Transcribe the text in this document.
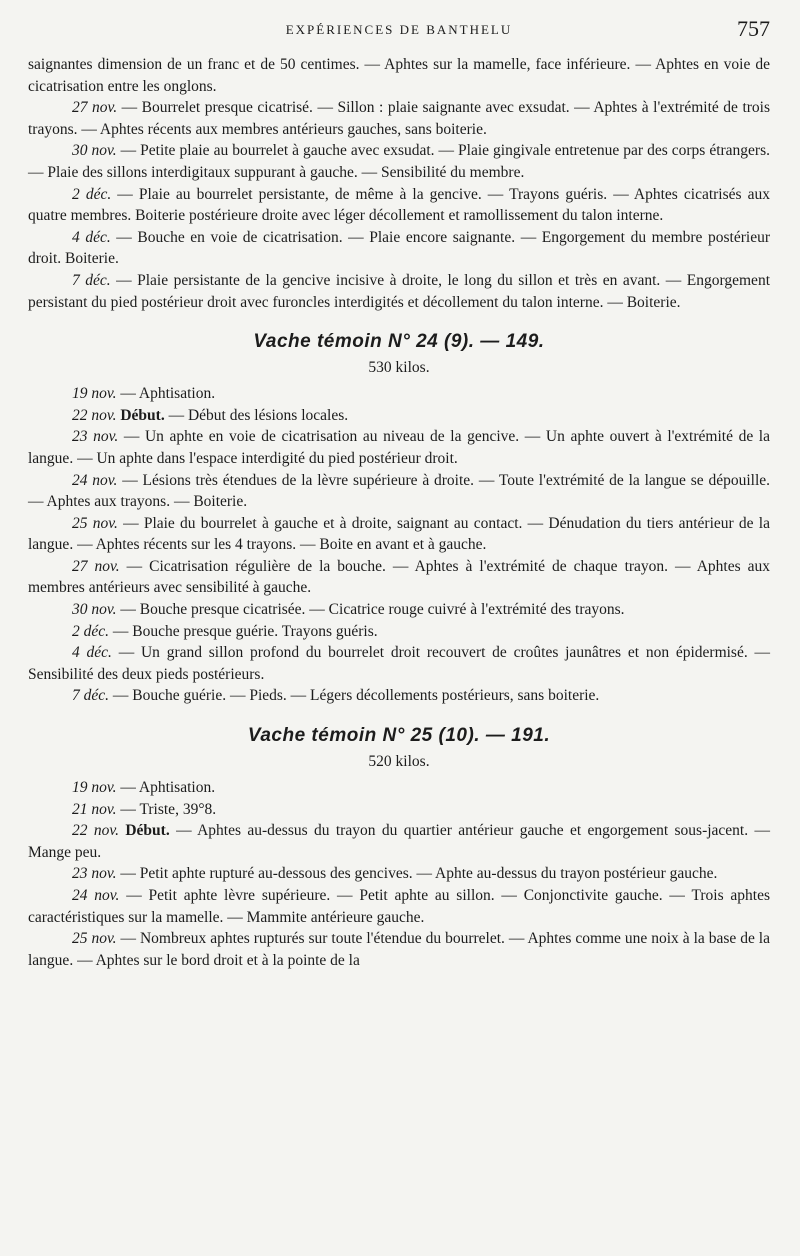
EXPÉRIENCES DE BANTHELU	757

saignantes dimension de un franc et de 50 centimes. — Aphtes sur la mamelle, face inférieure. — Aphtes en voie de cicatrisation entre les onglons.

27 nov. — Bourrelet presque cicatrisé. — Sillon : plaie saignante avec exsudat. — Aphtes à l'extrémité de trois trayons. — Aphtes récents aux membres antérieurs gauches, sans boiterie.

30 nov. — Petite plaie au bourrelet à gauche avec exsudat. — Plaie gingivale entretenue par des corps étrangers. — Plaie des sillons interdigitaux suppurant à gauche. — Sensibilité du membre.

2 déc. — Plaie au bourrelet persistante, de même à la gencive. — Trayons guéris. — Aphtes cicatrisés aux quatre membres. Boiterie postérieure droite avec léger décollement et ramollissement du talon interne.

4 déc. — Bouche en voie de cicatrisation. — Plaie encore saignante. — Engorgement du membre postérieur droit. Boiterie.

7 déc. — Plaie persistante de la gencive incisive à droite, le long du sillon et très en avant. — Engorgement persistant du pied postérieur droit avec furoncles interdigités et décollement du talon interne. — Boiterie.

Vache témoin N° 24 (9). — 149.
530 kilos.

19 nov. — Aphtisation.

22 nov. Début. — Début des lésions locales.

23 nov. — Un aphte en voie de cicatrisation au niveau de la gencive. — Un aphte ouvert à l'extrémité de la langue. — Un aphte dans l'espace interdigité du pied postérieur droit.

24 nov. — Lésions très étendues de la lèvre supérieure à droite. — Toute l'extrémité de la langue se dépouille. — Aphtes aux trayons. — Boiterie.

25 nov. — Plaie du bourrelet à gauche et à droite, saignant au contact. — Dénudation du tiers antérieur de la langue. — Aphtes récents sur les 4 trayons. — Boite en avant et à gauche.

27 nov. — Cicatrisation régulière de la bouche. — Aphtes à l'extrémité de chaque trayon. — Aphtes aux membres antérieurs avec sensibilité à gauche.

30 nov. — Bouche presque cicatrisée. — Cicatrice rouge cuivré à l'extrémité des trayons.

2 déc. — Bouche presque guérie. Trayons guéris.

4 déc. — Un grand sillon profond du bourrelet droit recouvert de croûtes jaunâtres et non épidermisé. — Sensibilité des deux pieds postérieurs.

7 déc. — Bouche guérie. — Pieds. — Légers décollements postérieurs, sans boiterie.

Vache témoin N° 25 (10). — 191.
520 kilos.

19 nov. — Aphtisation.

21 nov. — Triste, 39°8.

22 nov. Début. — Aphtes au-dessus du trayon du quartier antérieur gauche et engorgement sous-jacent. — Mange peu.

23 nov. — Petit aphte rupturé au-dessous des gencives. — Aphte au-dessus du trayon postérieur gauche.

24 nov. — Petit aphte lèvre supérieure. — Petit aphte au sillon. — Conjonctivite gauche. — Trois aphtes caractéristiques sur la mamelle. — Mammite antérieure gauche.

25 nov. — Nombreux aphtes rupturés sur toute l'étendue du bourrelet. — Aphtes comme une noix à la base de la langue. — Aphtes sur le bord droit et à la pointe de la
